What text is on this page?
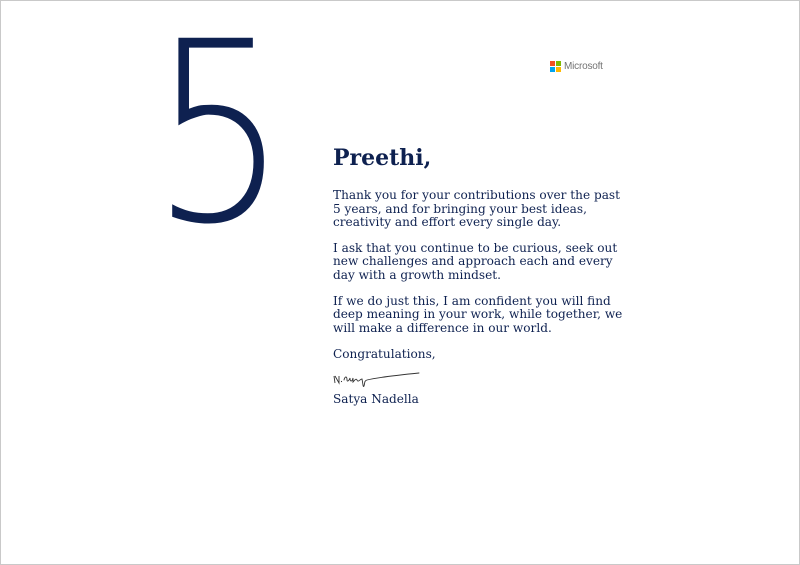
5	Microsoft
Preethi,

Thank you for your contributions over the past 5 years, and for bringing your best ideas, creativity and effort every single day.

I ask that you continue to be curious, seek out new challenges and approach each and every day with a growth mindset.

If we do just this, I am confident you will find deep meaning in your work, while together, we will make a difference in our world.

Congratulations,

Satya Nadella
